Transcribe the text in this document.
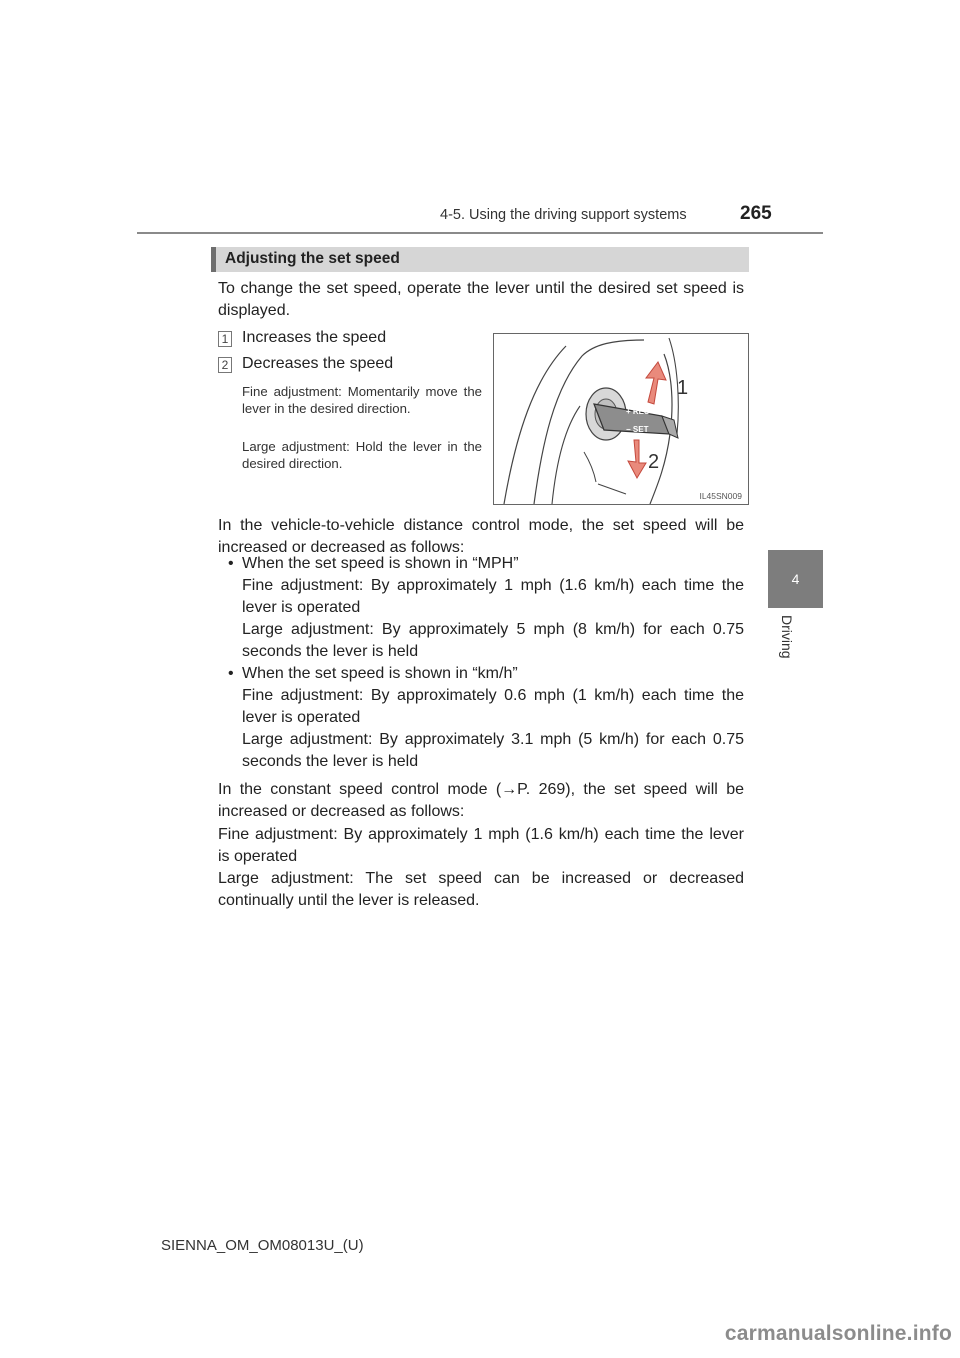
4-5. Using the driving support systems	265
4
Driving
Adjusting the set speed
To change the set speed, operate the lever until the desired set speed is displayed.
1 Increases the speed
2 Decreases the speed
Fine adjustment: Momentarily move the lever in the desired direction.
Large adjustment: Hold the lever in the desired direction.
+ RES
− SET
1
2
IL45SN009
In the vehicle-to-vehicle distance control mode, the set speed will be increased or decreased as follows:
• When the set speed is shown in “MPH”
Fine adjustment: By approximately 1 mph (1.6 km/h) each time the lever is operated
Large adjustment: By approximately 5 mph (8 km/h) for each 0.75 seconds the lever is held
• When the set speed is shown in “km/h”
Fine adjustment: By approximately 0.6 mph (1 km/h) each time the lever is operated
Large adjustment: By approximately 3.1 mph (5 km/h) for each 0.75 seconds the lever is held
In the constant speed control mode (→P. 269), the set speed will be increased or decreased as follows:
Fine adjustment: By approximately 1 mph (1.6 km/h) each time the lever is operated
Large adjustment: The set speed can be increased or decreased continually until the lever is released.
SIENNA_OM_OM08013U_(U)
carmanualsonline.info
